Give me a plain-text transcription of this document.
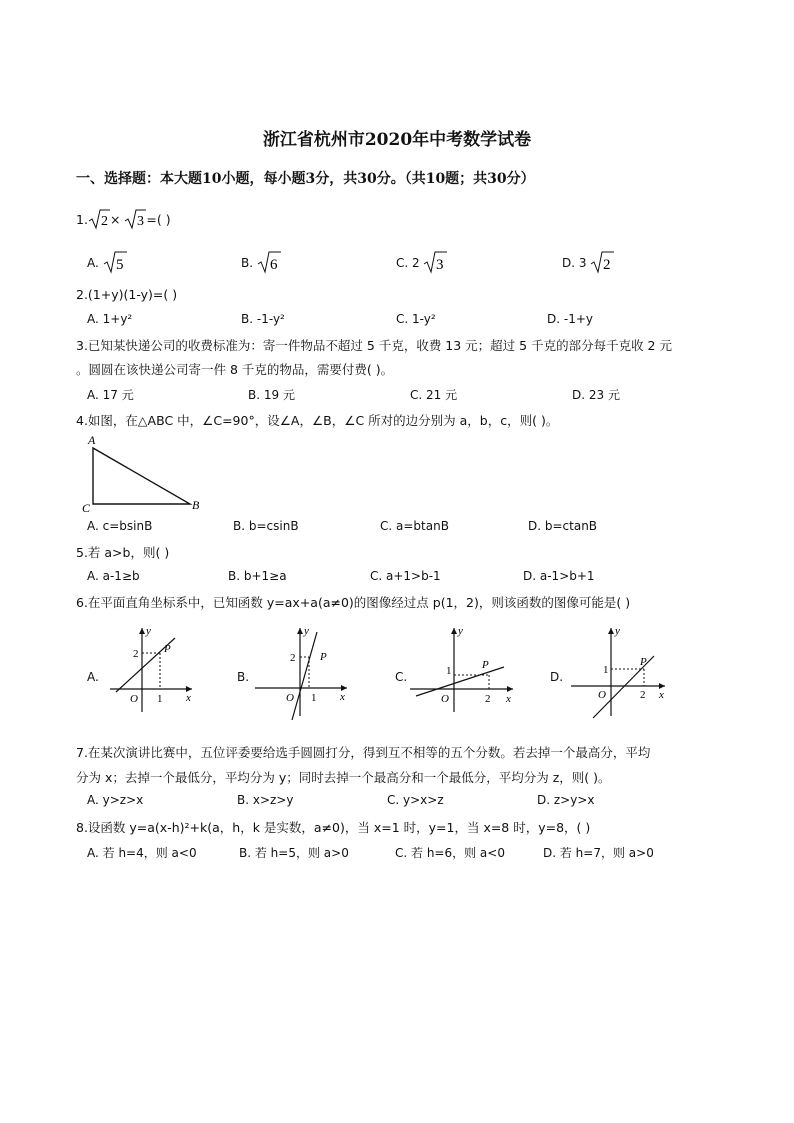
浙江省杭州市2020年中考数学试卷
一、选择题：本大题10小题，每小题3分，共30分。（共10题；共30分）
1. 2 × 3 =( )
A. 5	B. 6	C. 2 3	D. 3 2
2.(1+y)(1-y)=( )
A. 1+y²	B. -1-y²	C. 1-y²	D. -1+y
3.已知某快递公司的收费标准为：寄一件物品不超过 5 千克，收费 13 元；超过 5 千克的部分每千克收 2 元
。圆圆在该快递公司寄一件 8 千克的物品，需要付费( )。
A. 17 元	B. 19 元	C. 21 元	D. 23 元
4.如图，在△ABC 中，∠C=90°，设∠A，∠B，∠C 所对的边分别为 a，b，c，则( )。
A
C	B
A. c=bsinB	B. b=csinB	C. a=btanB	D. b=ctanB
5.若 a>b，则( )
A. a-1≥b	B. b+1≥a	C. a+1>b-1	D. a-1>b+1
6.在平面直角坐标系中，已知函数 y=ax+a(a≠0)的图像经过点 p(1，2)，则该函数的图像可能是( )
A.
y
x
O
2
1
P
B.
y
x
O
2
1
P
C.
y
x
O
1
2
P
D.
y
x
O
1
2
P
7.在某次演讲比赛中，五位评委要给选手圆圆打分，得到互不相等的五个分数。若去掉一个最高分，平均
分为 x；去掉一个最低分，平均分为 y；同时去掉一个最高分和一个最低分，平均分为 z，则( )。
A. y>z>x	B. x>z>y	C. y>x>z	D. z>y>x
8.设函数 y=a(x-h)²+k(a，h，k 是实数，a≠0)，当 x=1 时，y=1，当 x=8 时，y=8，( )
A. 若 h=4，则 a<0	B. 若 h=5，则 a>0	C. 若 h=6，则 a<0	D. 若 h=7，则 a>0
